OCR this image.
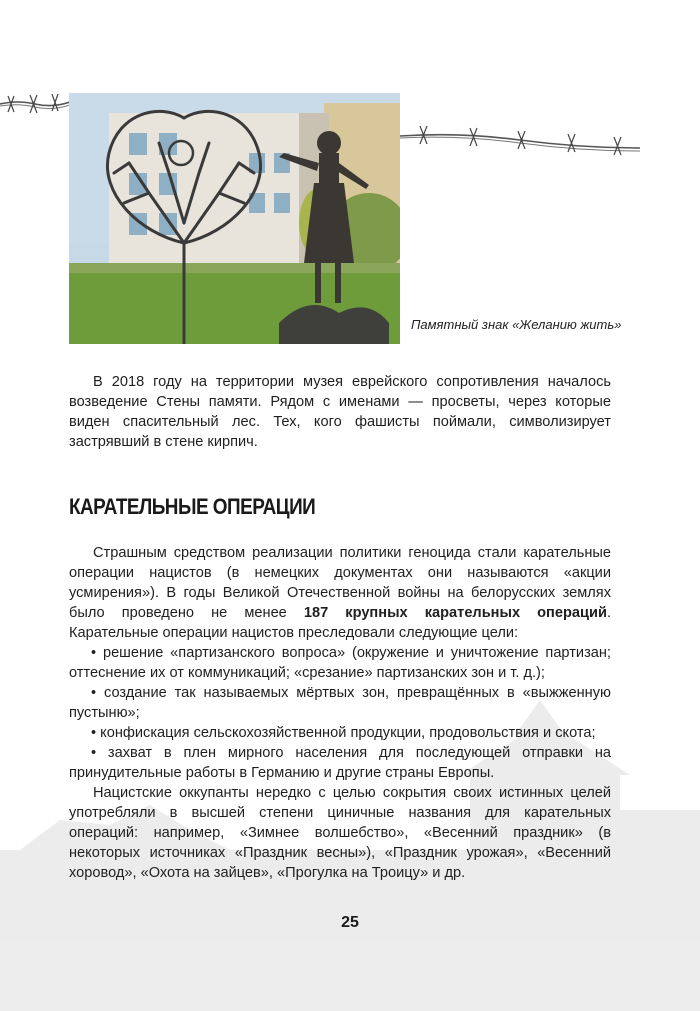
Памятный знак «Желанию жить»

В 2018 году на территории музея еврейского сопротивления началось возведение Стены памяти. Рядом с именами — просветы, через которые виден спасительный лес. Тех, кого фашисты поймали, символизирует застрявший в стене кирпич.

КАРАТЕЛЬНЫЕ ОПЕРАЦИИ

Страшным средством реализации политики геноцида стали карательные операции нацистов (в немецких документах они называются «акции усмирения»). В годы Великой Отечественной войны на белорусских землях было проведено не менее 187 крупных карательных операций. Карательные операции нацистов преследовали следующие цели:

• решение «партизанского вопроса» (окружение и уничтожение партизан; оттеснение их от коммуникаций; «срезание» партизанских зон и т. д.);

• создание так называемых мёртвых зон, превращённых в «выжженную пустыню»;

• конфискация сельскохозяйственной продукции, продовольствия и скота;

• захват в плен мирного населения для последующей отправки на принудительные работы в Германию и другие страны Европы.

Нацистские оккупанты нередко с целью сокрытия своих истинных целей употребляли в высшей степени циничные названия для карательных операций: например, «Зимнее волшебство», «Весенний праздник» (в некоторых источниках «Праздник весны»), «Праздник урожая», «Весенний хоровод», «Охота на зайцев», «Прогулка на Троицу» и др.

25
